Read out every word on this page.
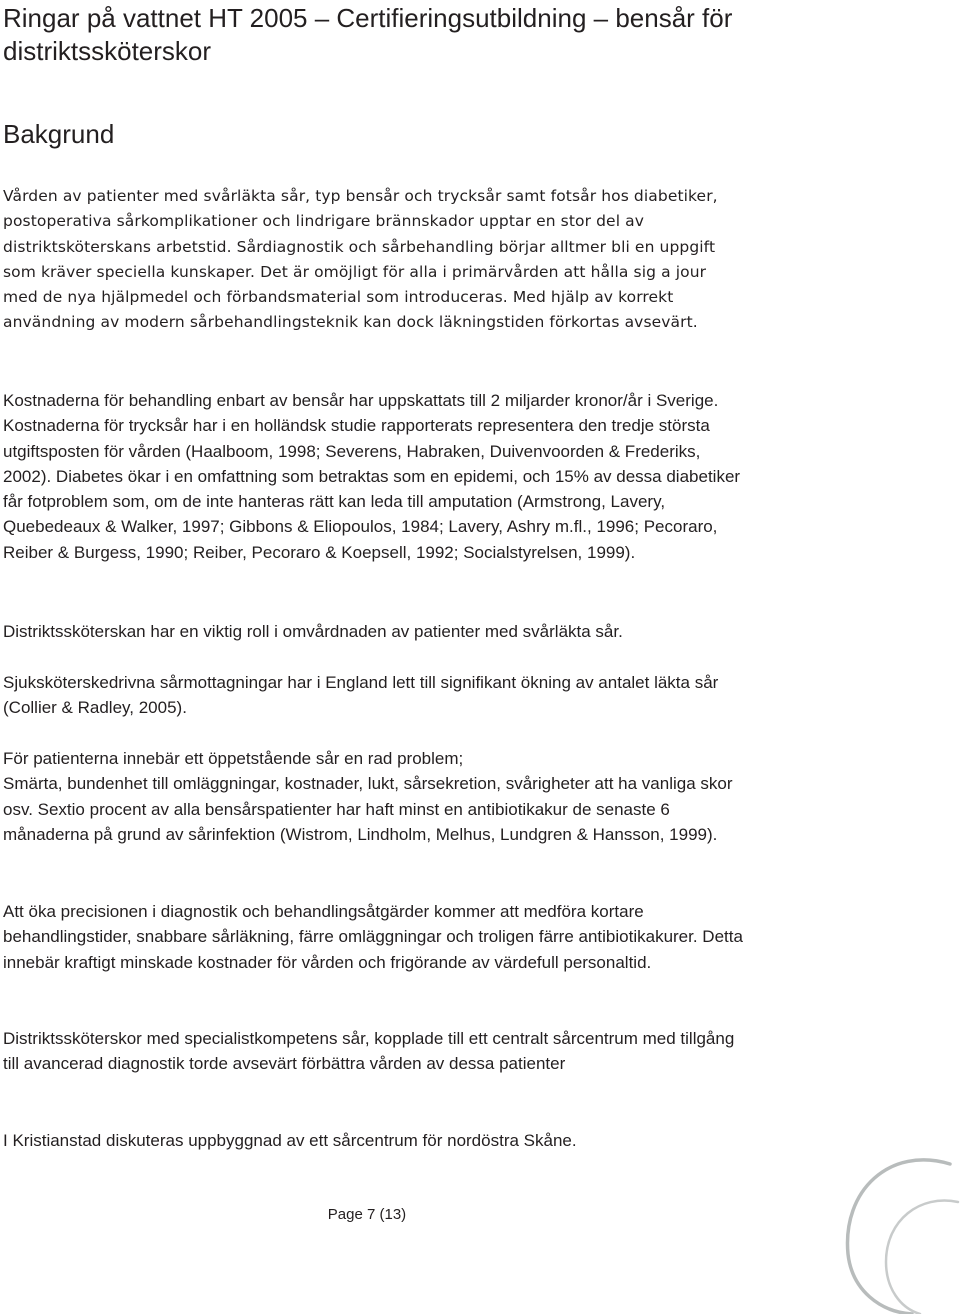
Ringar på vattnet HT 2005 – Certifieringsutbildning – bensår för distriktssköterskor
Bakgrund

Vården av patienter med svårläkta sår, typ bensår och trycksår samt fotsår hos diabetiker, postoperativa sårkomplikationer och lindrigare brännskador upptar en stor del av distriktsköterskans arbetstid. Sårdiagnostik och sårbehandling börjar alltmer bli en uppgift som kräver speciella kunskaper. Det är omöjligt för alla i primärvården att hålla sig a jour med de nya hjälpmedel och förbandsmaterial som introduceras. Med hjälp av korrekt användning av modern sårbehandlingsteknik kan dock läkningstiden förkortas avsevärt.

Kostnaderna för behandling enbart av bensår har uppskattats till 2 miljarder kronor/år i Sverige. Kostnaderna för trycksår har i en holländsk studie rapporterats representera den tredje största utgiftsposten för vården (Haalboom, 1998; Severens, Habraken, Duivenvoorden & Frederiks, 2002). Diabetes ökar i en omfattning som betraktas som en epidemi, och 15% av dessa diabetiker får fotproblem som, om de inte hanteras rätt kan leda till amputation (Armstrong, Lavery, Quebedeaux & Walker, 1997; Gibbons & Eliopoulos, 1984; Lavery, Ashry m.fl., 1996; Pecoraro, Reiber & Burgess, 1990; Reiber, Pecoraro & Koepsell, 1992; Socialstyrelsen, 1999).

Distriktssköterskan har en viktig roll i omvårdnaden av patienter med svårläkta sår.

Sjuksköterskedrivna sårmottagningar har i England lett till signifikant ökning av antalet läkta sår (Collier & Radley, 2005).

För patienterna innebär ett öppetstående sår en rad problem;
Smärta, bundenhet till omläggningar, kostnader, lukt, sårsekretion, svårigheter att ha vanliga skor osv. Sextio procent av alla bensårspatienter har haft minst en antibiotikakur de senaste 6 månaderna på grund av sårinfektion (Wistrom, Lindholm, Melhus, Lundgren & Hansson, 1999).

Att öka precisionen i diagnostik och behandlingsåtgärder kommer att medföra kortare behandlingstider, snabbare sårläkning, färre omläggningar och troligen färre antibiotikakurer. Detta innebär kraftigt minskade kostnader för vården och frigörande av värdefull personaltid.

Distriktssköterskor med specialistkompetens sår, kopplade till ett centralt sårcentrum med tillgång till avancerad diagnostik torde avsevärt förbättra vården av dessa patienter

I Kristianstad diskuteras uppbyggnad av ett sårcentrum för nordöstra Skåne.

Page 7 (13)
